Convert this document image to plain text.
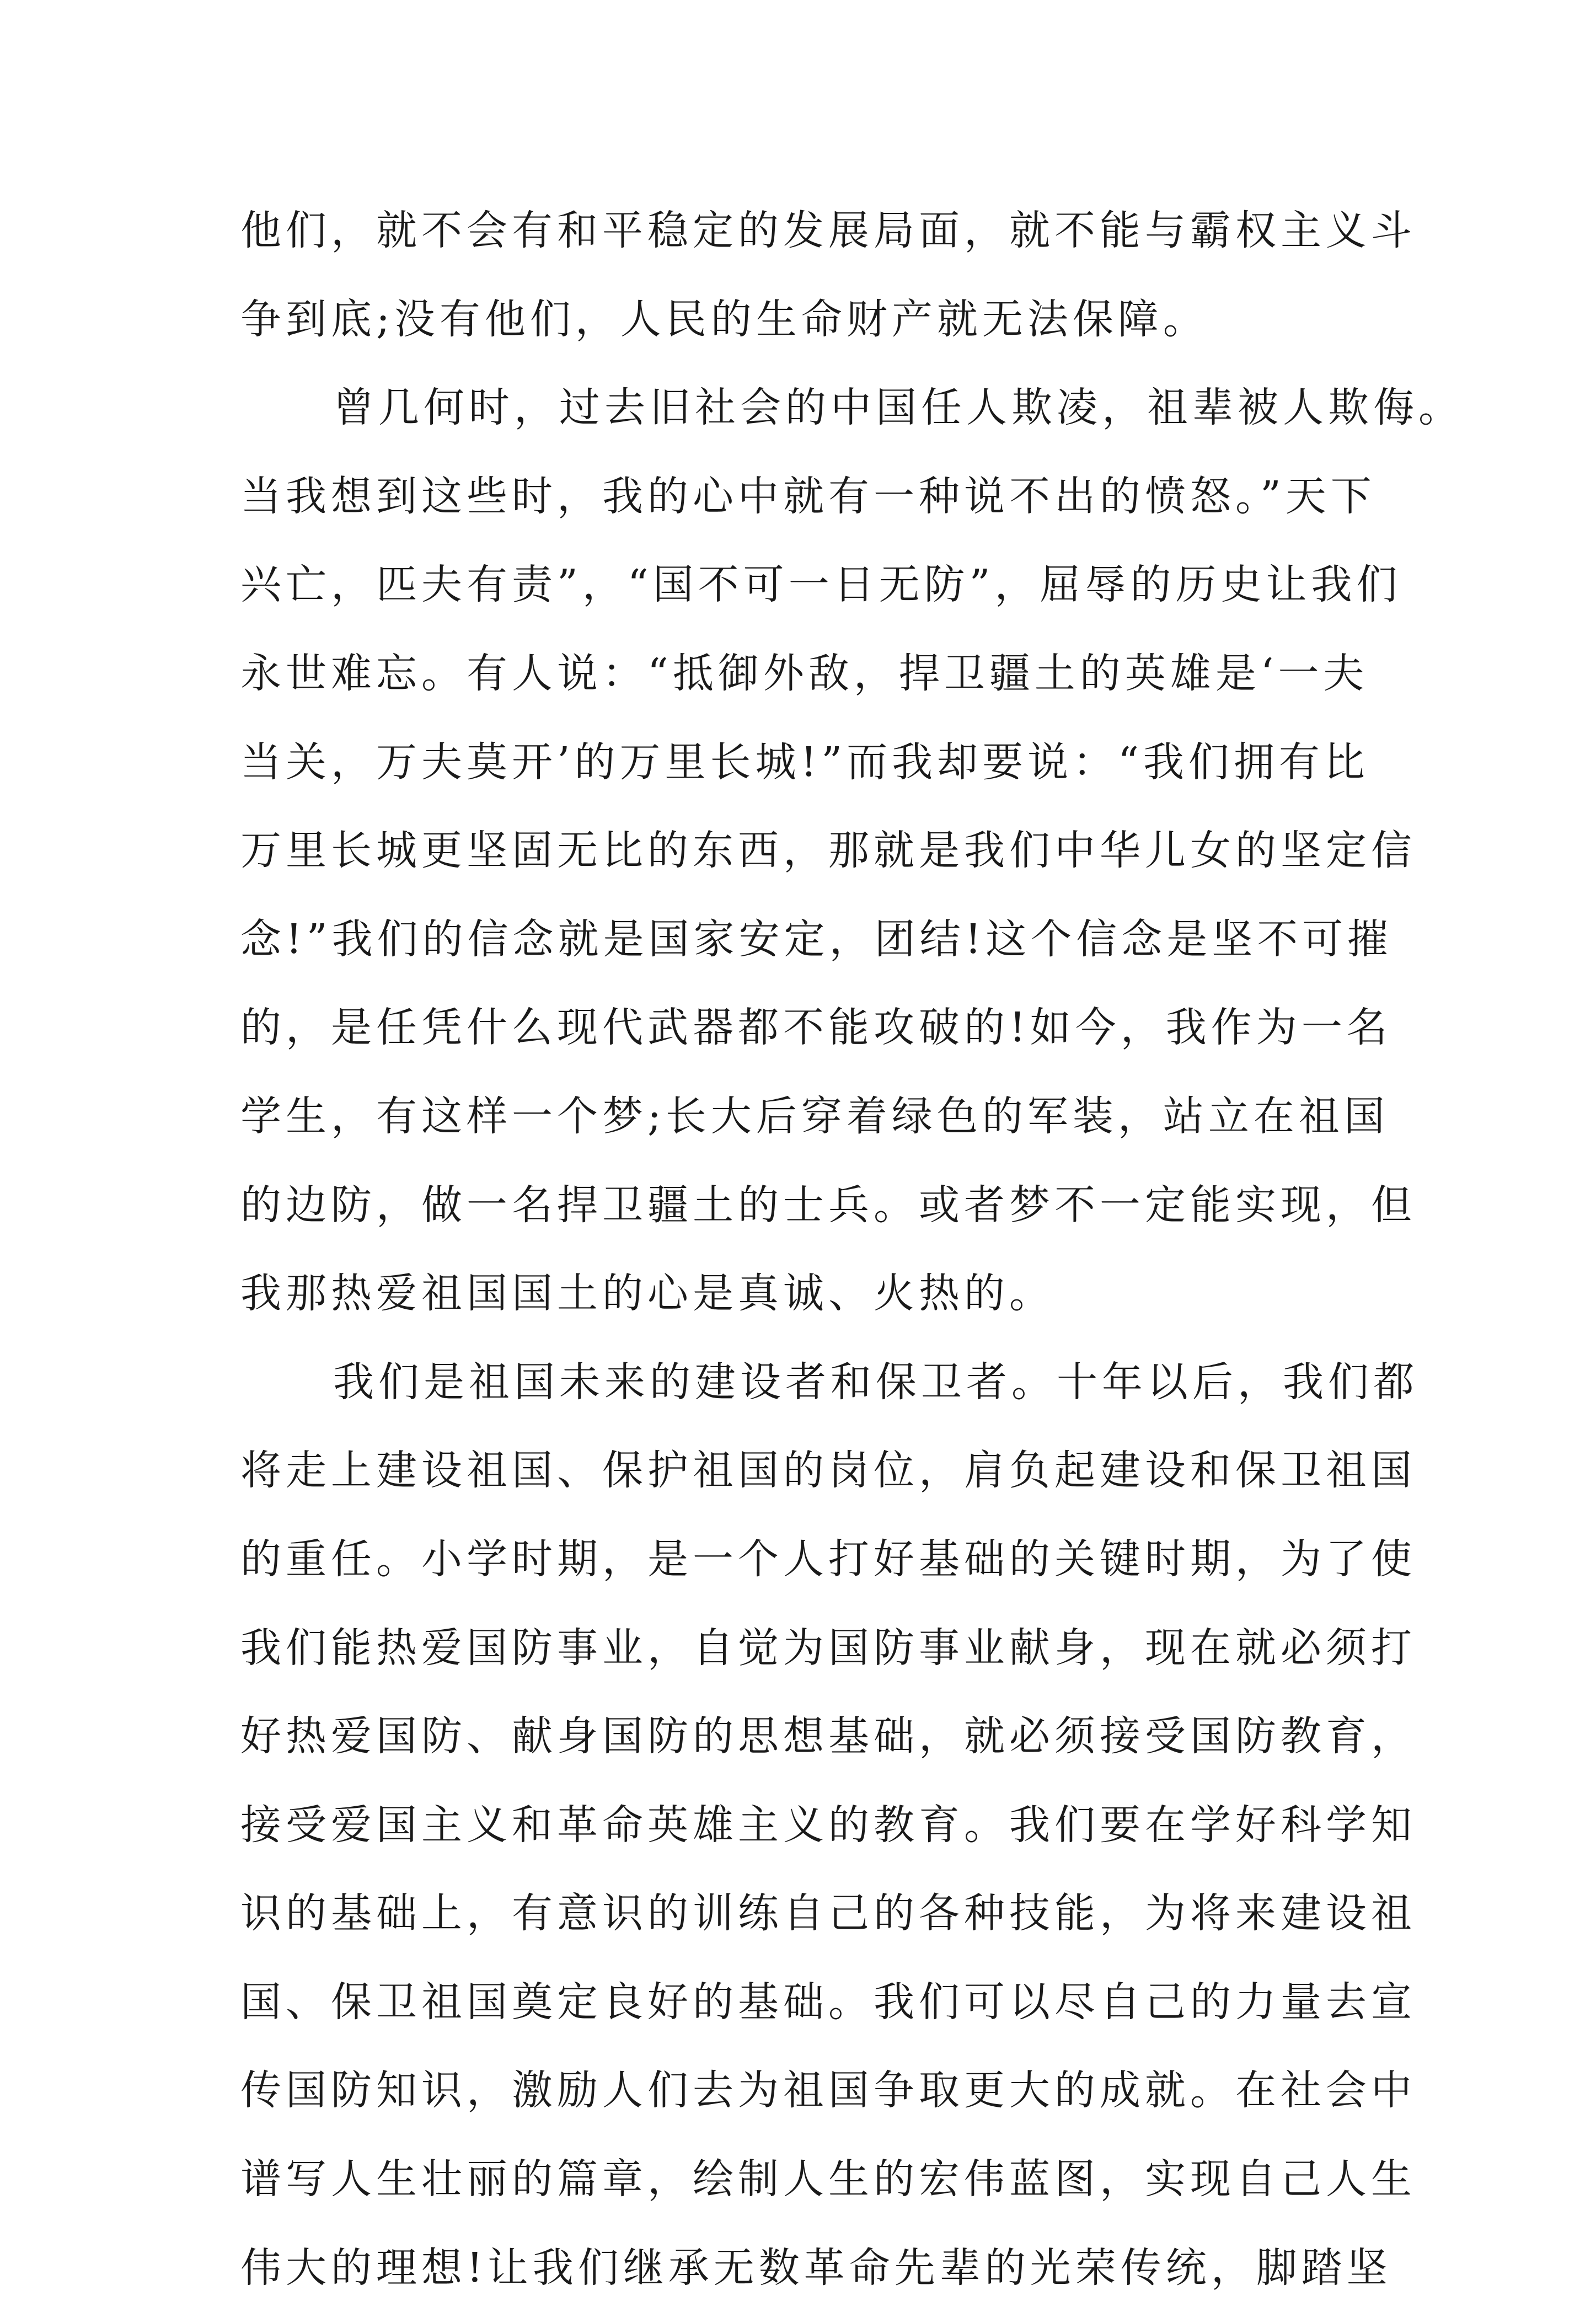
他们，就不会有和平稳定的发展局面，就不能与霸权主义斗
争到底;没有他们，人民的生命财产就无法保障。
曾几何时，过去旧社会的中国任人欺凌，祖辈被人欺侮。
当我想到这些时，我的心中就有一种说不出的愤怒。”天下
兴亡，匹夫有责”，“国不可一日无防”，屈辱的历史让我们
永世难忘。有人说：“抵御外敌，捍卫疆土的英雄是‘一夫
当关，万夫莫开’的万里长城!”而我却要说：“我们拥有比
万里长城更坚固无比的东西，那就是我们中华儿女的坚定信
念!”我们的信念就是国家安定，团结!这个信念是坚不可摧
的，是任凭什么现代武器都不能攻破的!如今，我作为一名
学生，有这样一个梦;长大后穿着绿色的军装，站立在祖国
的边防，做一名捍卫疆土的士兵。或者梦不一定能实现，但
我那热爱祖国国土的心是真诚、火热的。
我们是祖国未来的建设者和保卫者。十年以后，我们都
将走上建设祖国、保护祖国的岗位，肩负起建设和保卫祖国
的重任。小学时期，是一个人打好基础的关键时期，为了使
我们能热爱国防事业，自觉为国防事业献身，现在就必须打
好热爱国防、献身国防的思想基础，就必须接受国防教育，
接受爱国主义和革命英雄主义的教育。我们要在学好科学知
识的基础上，有意识的训练自己的各种技能，为将来建设祖
国、保卫祖国奠定良好的基础。我们可以尽自己的力量去宣
传国防知识，激励人们去为祖国争取更大的成就。在社会中
谱写人生壮丽的篇章，绘制人生的宏伟蓝图，实现自己人生
伟大的理想!让我们继承无数革命先辈的光荣传统，脚踏坚
